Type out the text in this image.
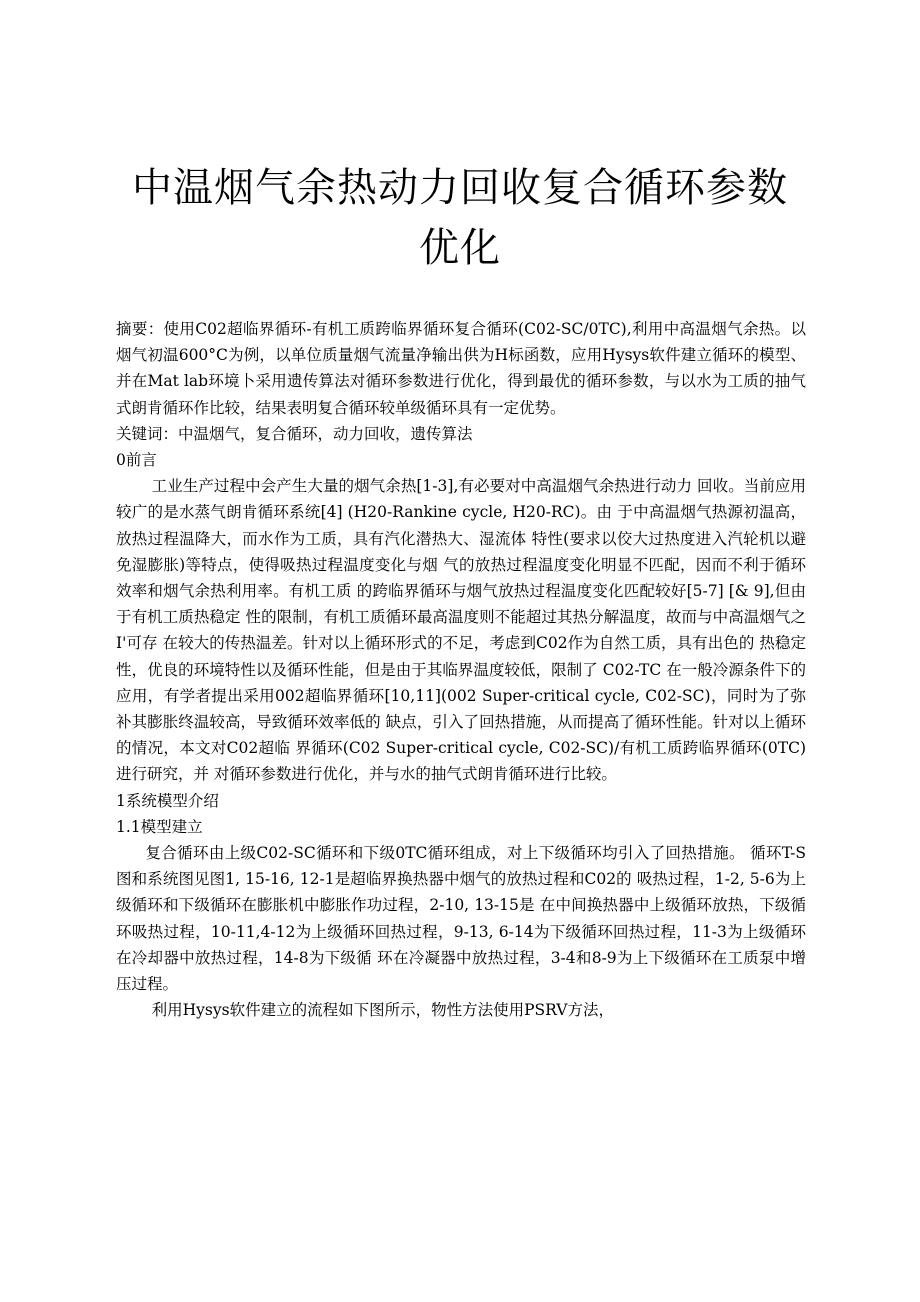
中温烟气余热动力回收复合循环参数优化

摘要：使用C02超临界循环-有机工质跨临界循环复合循环(C02-SC/0TC),利用中高温烟气余热。以 烟气初温600°C为例，以单位质量烟气流量净输出供为H标函数，应用Hysys软件建立循环的模型、并在Mat lab环境卜采用遗传算法对循环参数进行优化，得到最优的循环参数，与以水为工质的抽气 式朗肯循环作比较，结果表明复合循环较单级循环具有一定优势。

关键词：中温烟气，复合循环，动力回收，遗传算法

0前言

工业生产过程中会产生大量的烟气余热[1-3],有必要对中高温烟气余热进行动力 回收。当前应用较广的是水蒸气朗肯循环系统[4] (H20-Rankine cycle, H20-RC)。由 于中高温烟气热源初温高，放热过程温降大，而水作为工质，具有汽化潜热大、湿流体 特性(要求以佼大过热度进入汽轮机以避免湿膨胀)等特点，使得吸热过程温度变化与烟 气的放热过程温度变化明显不匹配，因而不利于循环效率和烟气余热利用率。有机工质 的跨临界循环与烟气放热过程温度变化匹配较好[5-7] [& 9],但由于有机工质热稳定 性的限制，有机工质循环最高温度则不能超过其热分解温度，故而与中高温烟气之I'可存 在较大的传热温差。针对以上循环形式的不足，考虑到C02作为自然工质，具有出色的 热稳定性，优良的环境特性以及循环性能，但是由于其临界温度较低，限制了 C02-TC 在一般冷源条件下的应用，有学者提出采用002超临界循环[10,11](002 Super-critical cycle, C02-SC)，同时为了弥补其膨胀终温较高，导致循环效率低的 缺点，引入了回热措施，从而提高了循环性能。针对以上循环的情况，本文对C02超临 界循环(C02 Super-critical cycle, C02-SC)/有机工质跨临界循环(0TC)进行研究，并 对循环参数进行优化，并与水的抽气式朗肯循环进行比较。

1系统模型介绍

1.1模型建立

复合循环由上级C02-SC循环和下级0TC循环组成，对上下级循环均引入了回热措施。 循环T-S图和系统图见图1, 15-16, 12-1是超临界换热器中烟气的放热过程和C02的 吸热过程，1-2, 5-6为上级循环和下级循环在膨胀机中膨胀作功过程，2-10, 13-15是 在中间换热器中上级循环放热，下级循环吸热过程，10-11,4-12为上级循环回热过程，9-13, 6-14为下级循环回热过程，11-3为上级循环在冷却器中放热过程，14-8为下级循 环在冷凝器中放热过程，3-4和8-9为上下级循环在工质泵中增压过程。

利用Hysys软件建立的流程如下图所示，物性方法使用PSRV方法，
